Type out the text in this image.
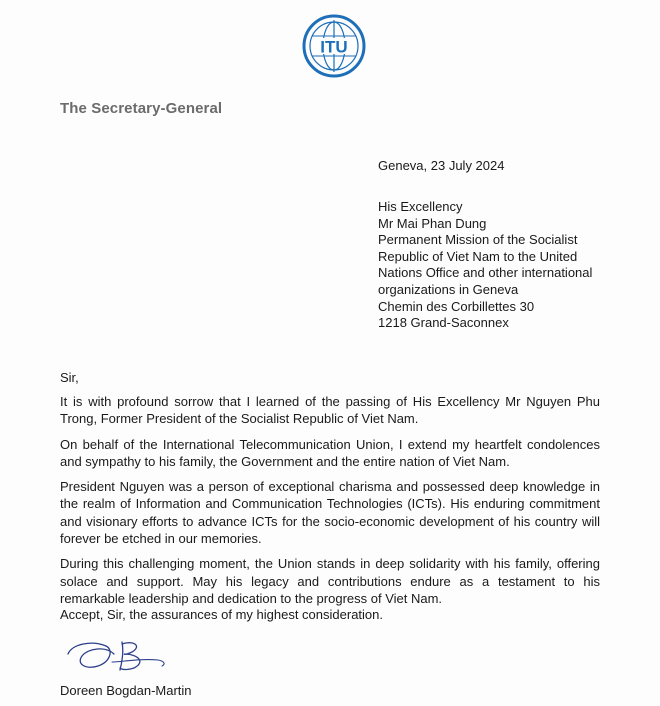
ITU
The Secretary-General
Geneva, 23 July 2024
His Excellency
Mr Mai Phan Dung
Permanent Mission of the Socialist
Republic of Viet Nam to the United
Nations Office and other international
organizations in Geneva
Chemin des Corbillettes 30
1218 Grand-Saconnex
Sir,

It is with profound sorrow that I learned of the passing of His Excellency Mr Nguyen Phu Trong, Former President of the Socialist Republic of Viet Nam.

On behalf of the International Telecommunication Union, I extend my heartfelt condolences and sympathy to his family, the Government and the entire nation of Viet Nam.

President Nguyen was a person of exceptional charisma and possessed deep knowledge in the realm of Information and Communication Technologies (ICTs). His enduring commitment and visionary efforts to advance ICTs for the socio-economic development of his country will forever be etched in our memories.

During this challenging moment, the Union stands in deep solidarity with his family, offering solace and support. May his legacy and contributions endure as a testament to his remarkable leadership and dedication to the progress of Viet Nam.

Accept, Sir, the assurances of my highest consideration.
Doreen Bogdan-Martin
